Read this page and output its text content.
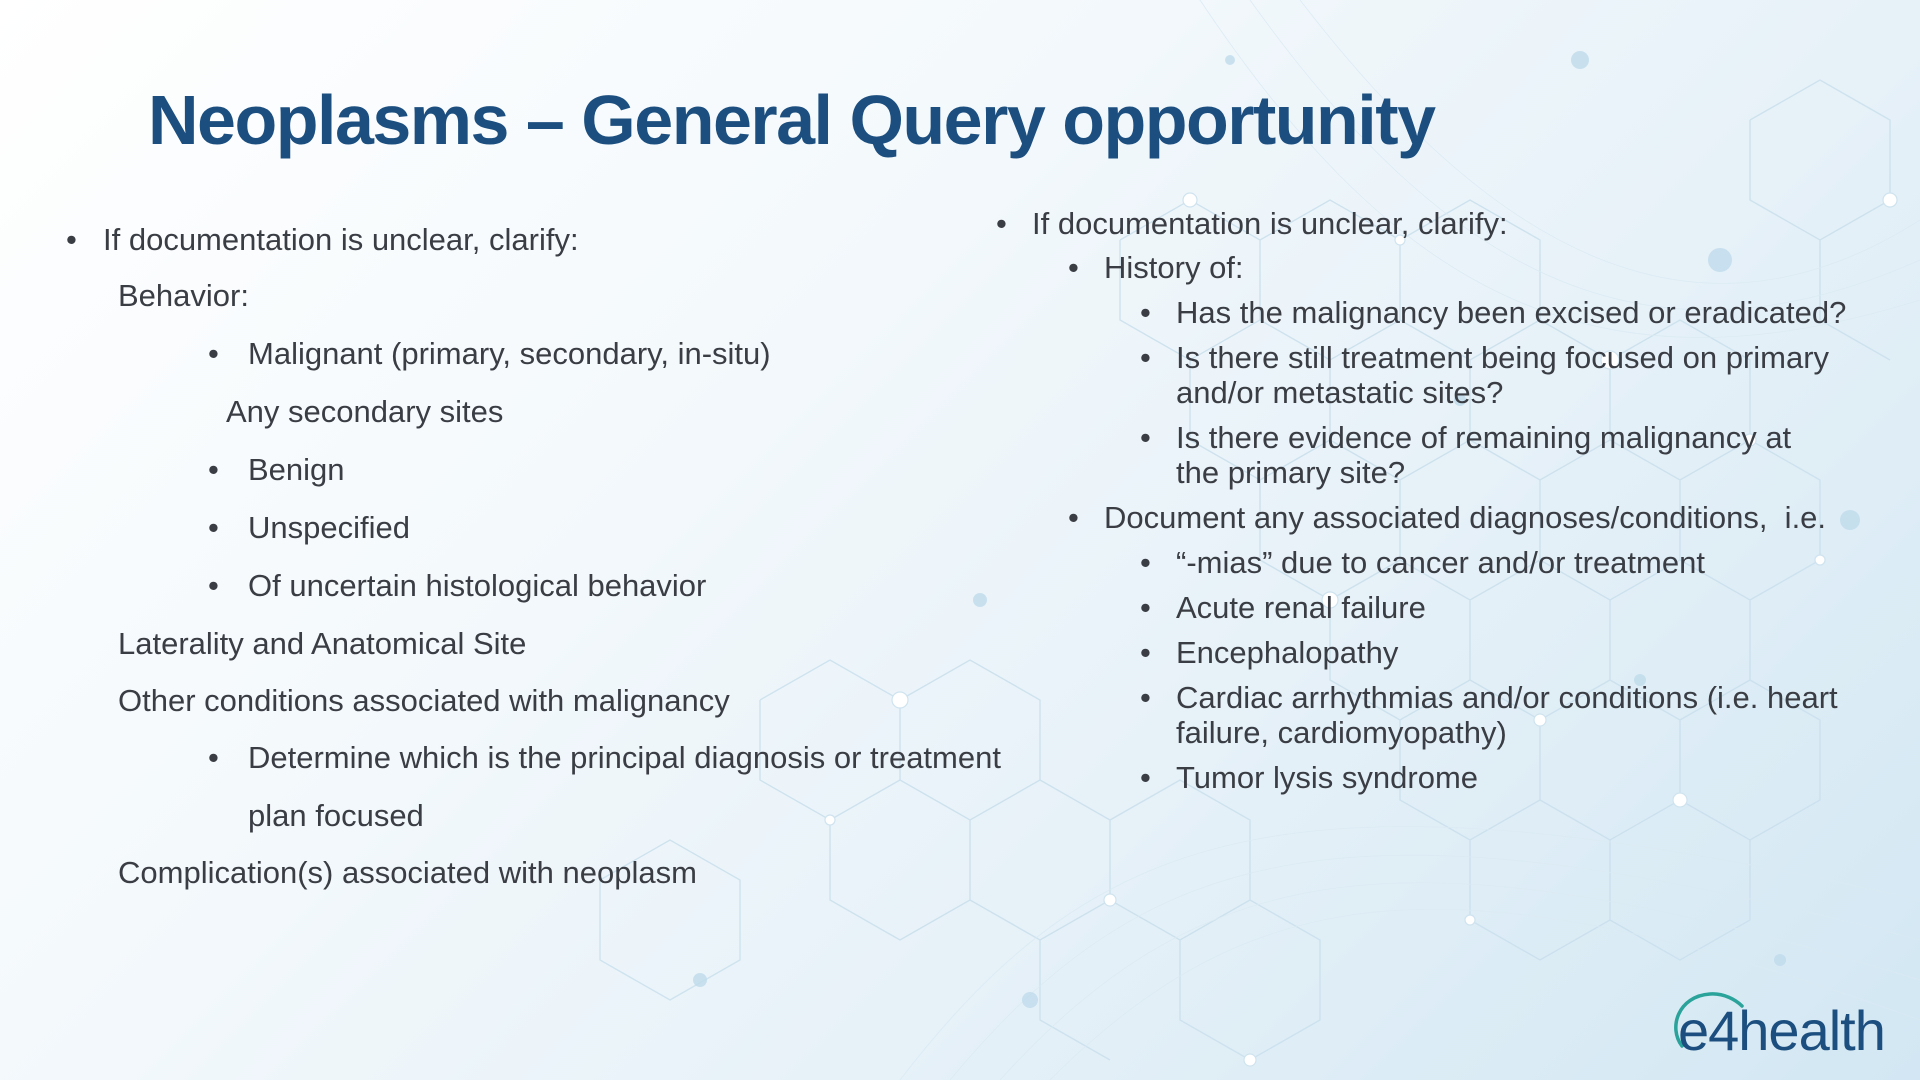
Neoplasms – General Query opportunity
• If documentation is unclear, clarify:
Behavior:
• Malignant (primary, secondary, in-situ)
Any secondary sites
• Benign
• Unspecified
• Of uncertain histological behavior
Laterality and Anatomical Site
Other conditions associated with malignancy
• Determine which is the principal diagnosis or treatment
plan focused
Complication(s) associated with neoplasm
• If documentation is unclear, clarify:
• History of:
• Has the malignancy been excised or eradicated?
• Is there still treatment being focused on primary and/or metastatic sites?
• Is there evidence of remaining malignancy at the primary site?
• Document any associated diagnoses/conditions,  i.e.
• “-mias” due to cancer and/or treatment
• Acute renal failure
• Encephalopathy
• Cardiac arrhythmias and/or conditions (i.e. heart failure, cardiomyopathy)
• Tumor lysis syndrome
e4health
